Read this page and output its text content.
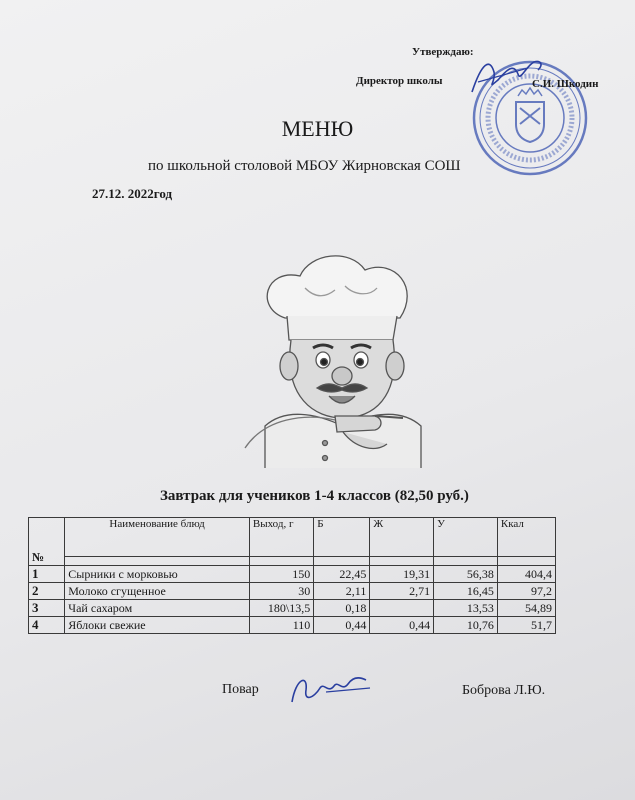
Утверждаю:
Директор школы	С.И. Шкодин
МЕНЮ
по школьной столовой МБОУ Жирновская СОШ
27.12. 2022год
Завтрак для учеников 1-4 классов (82,50 руб.)
№	Наименование блюд	Выход, г	Б	Ж	У	Ккал

1	Сырники с морковью	150	22,45	19,31	56,38	404,4
2	Молоко сгущенное	30	2,11	2,71	16,45	97,2
3	Чай сахаром	180\13,5	0,18		13,53	54,89
4	Яблоки свежие	110	0,44	0,44	10,76	51,7
Повар	Боброва Л.Ю.
